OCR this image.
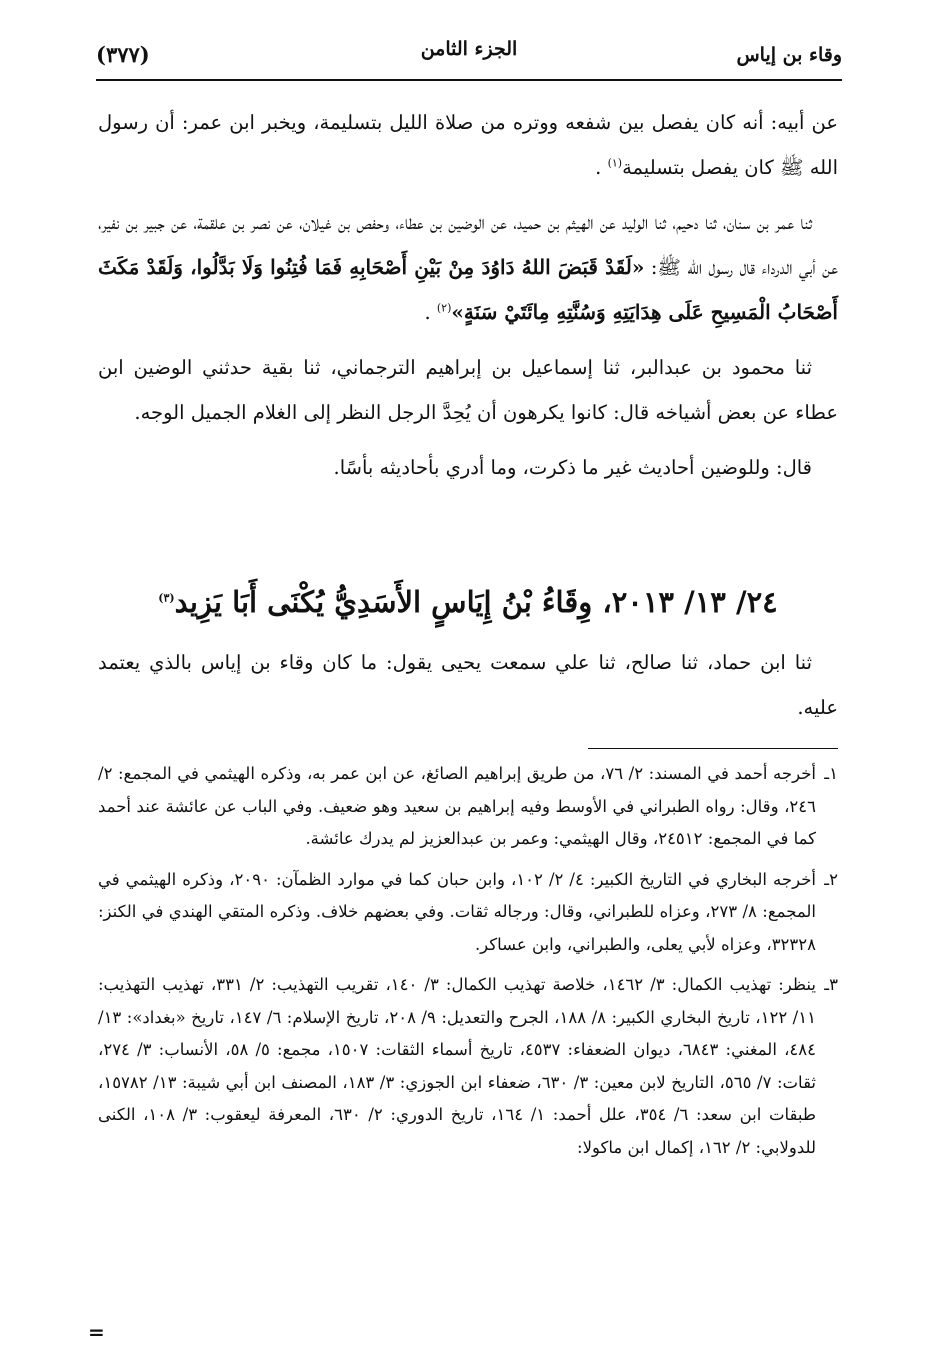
وقاء بن إياس
الجزء الثامن
(٣٧٧)

عن أبيه: أنه كان يفصل بين شفعه ووتره من صلاة الليل بتسليمة، ويخبر ابن عمر: أن رسول الله ﷺ كان يفصل بتسليمة$^{(١)}$ .

ثنا عمر بن سنان، ثنا دحيم، ثنا الوليد عن الهيثم بن حميد، عن الوضين بن عطاء، وحفص بن غيلان، عن نصر بن علقمة، عن جبير بن نفير، عن أبي الدرداء قال رسول الله ﷺ: «لَقَدْ قَبَضَ اللهُ دَاوُدَ مِنْ بَيْنِ أَصْحَابِهِ فَمَا فُتِنُوا وَلَا بَدَّلُوا، وَلَقَدْ مَكَثَ أَصْحَابُ الْمَسِيحِ عَلَى هِدَايَتِهِ وَسُنَّتِهِ مِائَتَيْ سَنَةٍ»$^{(٢)}$ .

ثنا محمود بن عبدالبر، ثنا إسماعيل بن إبراهيم الترجماني، ثنا بقية حدثني الوضين ابن عطاء عن بعض أشياخه قال: كانوا يكرهون أن يُحِدَّ الرجل النظر إلى الغلام الجميل الوجه.

قال: وللوضين أحاديث غير ما ذكرت، وما أدري بأحاديثه بأسًا.

٢٤/ ١٣/ ٢٠١٣، وِقَاءُ بْنُ إِيَاسٍ الأَسَدِيُّ يُكْنَى أَبَا يَزِيد$^{(٣)}$
ثنا ابن حماد، ثنا صالح، ثنا علي سمعت يحيى يقول: ما كان وقاء بن إياس بالذي يعتمد عليه.

١ـأخرجه أحمد في المسند: ٢/ ٧٦، من طريق إبراهيم الصائغ، عن ابن عمر به، وذكره الهيثمي في المجمع: ٢/ ٢٤٦، وقال: رواه الطبراني في الأوسط وفيه إبراهيم بن سعيد وهو ضعيف. وفي الباب عن عائشة عند أحمد كما في المجمع: ٢٤٥١٢، وقال الهيثمي: وعمر بن عبدالعزيز لم يدرك عائشة.

٢ـأخرجه البخاري في التاريخ الكبير: ٤/ ٢/ ١٠٢، وابن حبان كما في موارد الظمآن: ٢٠٩٠، وذكره الهيثمي في المجمع: ٨/ ٢٧٣، وعزاه للطبراني، وقال: ورجاله ثقات. وفي بعضهم خلاف. وذكره المتقي الهندي في الكنز: ٣٢٣٢٨، وعزاه لأبي يعلى، والطبراني، وابن عساكر.

٣ـينظر: تهذيب الكمال: ٣/ ١٤٦٢، خلاصة تهذيب الكمال: ٣/ ١٤٠، تقريب التهذيب: ٢/ ٣٣١، تهذيب التهذيب: ١١/ ١٢٢، تاريخ البخاري الكبير: ٨/ ١٨٨، الجرح والتعديل: ٩/ ٢٠٨، تاريخ الإسلام: ٦/ ١٤٧، تاريخ «بغداد»: ١٣/ ٤٨٤، المغني: ٦٨٤٣، ديوان الضعفاء: ٤٥٣٧، تاريخ أسماء الثقات: ١٥٠٧، مجمع: ٥/ ٥٨، الأنساب: ٣/ ٢٧٤، ثقات: ٧/ ٥٦٥، التاريخ لابن معين: ٣/ ٦٣٠، ضعفاء ابن الجوزي: ٣/ ١٨٣، المصنف ابن أبي شيبة: ١٣/ ١٥٧٨٢، طبقات ابن سعد: ٦/ ٣٥٤، علل أحمد: ١/ ١٦٤، تاريخ الدوري: ٢/ ٦٣٠، المعرفة ليعقوب: ٣/ ١٠٨، الكنى للدولابي: ٢/ ١٦٢، إكمال ابن ماكولا:

=
